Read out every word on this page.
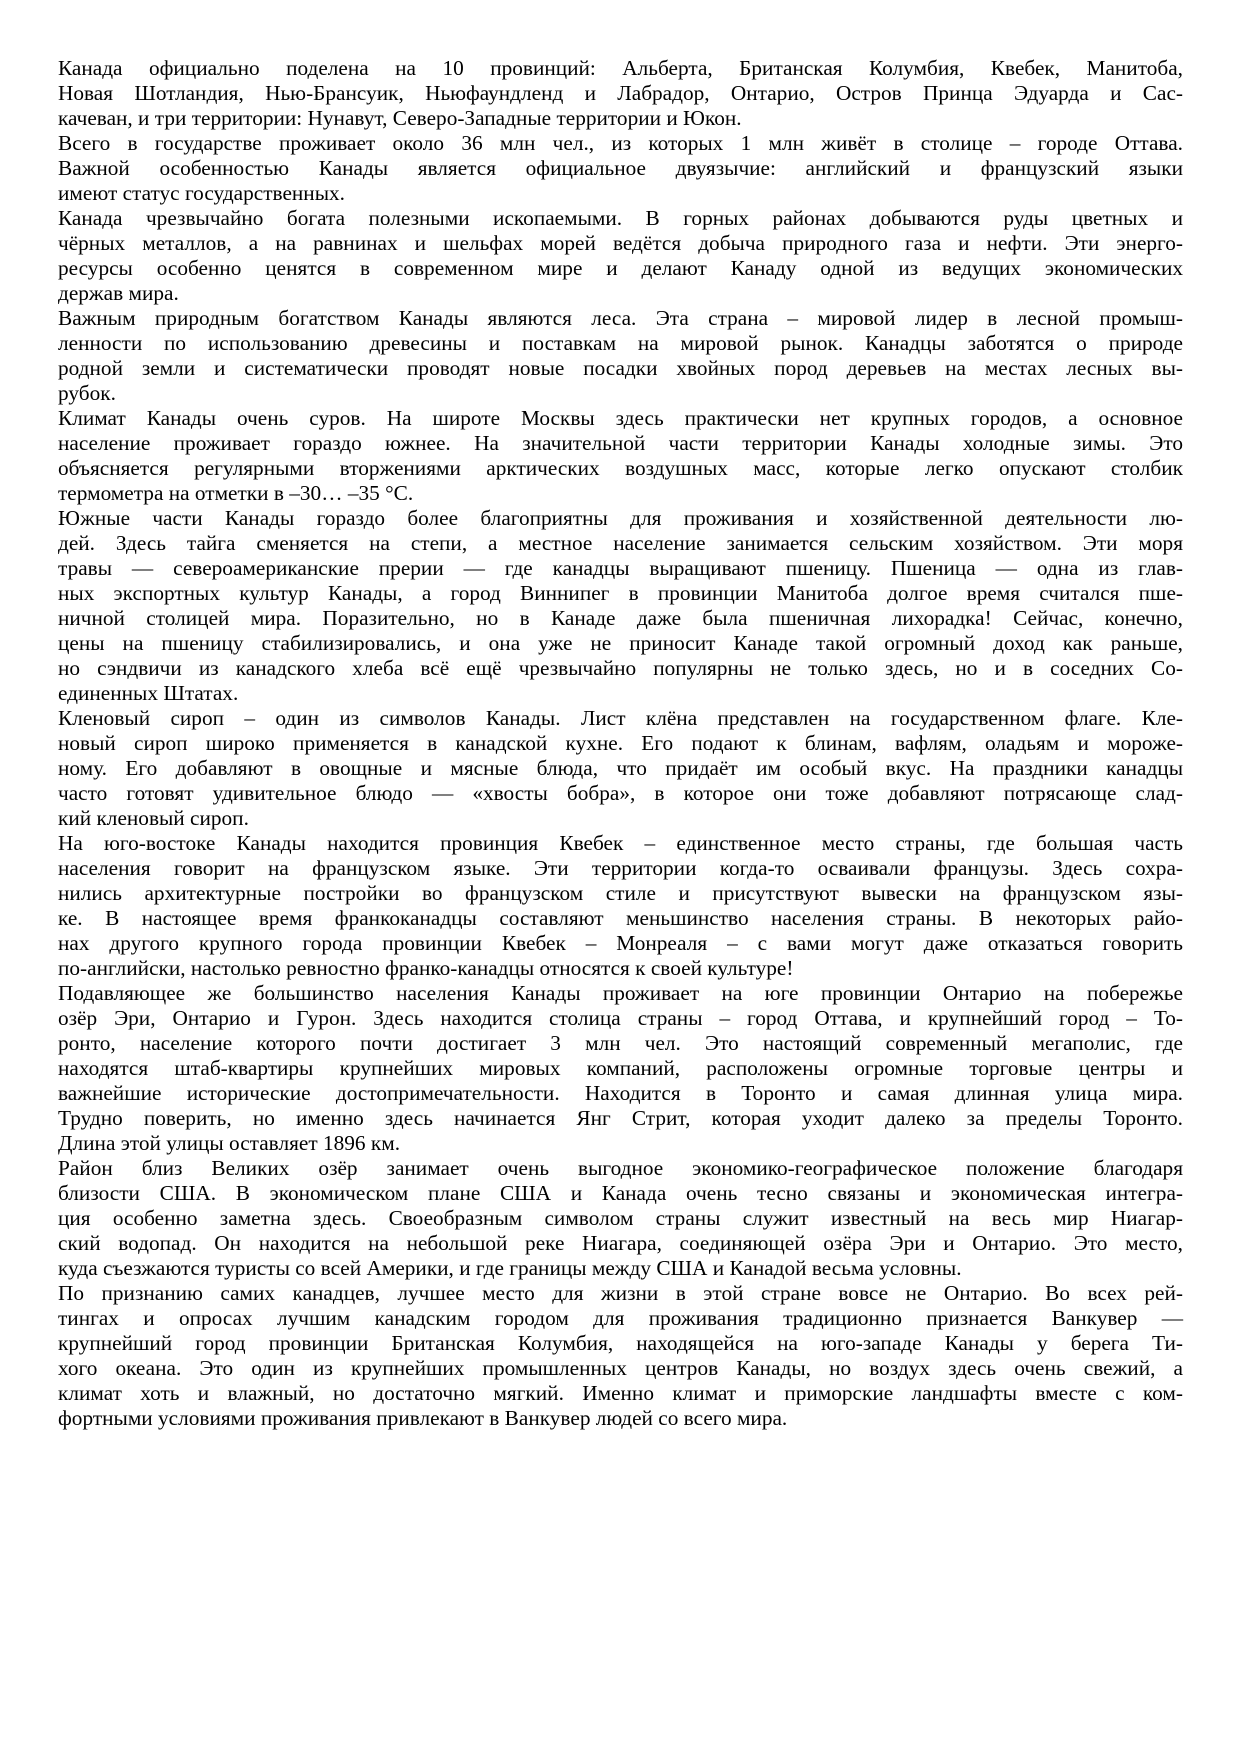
Канада официально поделена на 10 провинций: Альберта, Британская Колумбия, Квебек, Манитоба,
Новая Шотландия, Нью-Брансуик, Ньюфаундленд и Лабрадор, Онтарио, Остров Принца Эдуарда и Сас-
качеван, и три территории: Нунавут, Северо-Западные территории и Юкон.
Всего в государстве проживает около 36 млн чел., из которых 1 млн живёт в столице – городе Оттава.
Важной особенностью Канады является официальное двуязычие: английский и французский языки
имеют статус государственных.
Канада чрезвычайно богата полезными ископаемыми. В горных районах добываются руды цветных и
чёрных металлов, а на равнинах и шельфах морей ведётся добыча природного газа и нефти. Эти энерго-
ресурсы особенно ценятся в современном мире и делают Канаду одной из ведущих экономических
держав мира.
Важным природным богатством Канады являются леса. Эта страна – мировой лидер в лесной промыш-
ленности по использованию древесины и поставкам на мировой рынок. Канадцы заботятся о природе
родной земли и систематически проводят новые посадки хвойных пород деревьев на местах лесных вы-
рубок.
Климат Канады очень суров. На широте Москвы здесь практически нет крупных городов, а основное
население проживает гораздо южнее. На значительной части территории Канады холодные зимы. Это
объясняется регулярными вторжениями арктических воздушных масс, которые легко опускают столбик
термометра на отметки в –30… –35 °С.
Южные части Канады гораздо более благоприятны для проживания и хозяйственной деятельности лю-
дей. Здесь тайга сменяется на степи, а местное население занимается сельским хозяйством. Эти моря
травы — североамериканские прерии — где канадцы выращивают пшеницу. Пшеница — одна из глав-
ных экспортных культур Канады, а город Виннипег в провинции Манитоба долгое время считался пше-
ничной столицей мира. Поразительно, но в Канаде даже была пшеничная лихорадка! Сейчас, конечно,
цены на пшеницу стабилизировались, и она уже не приносит Канаде такой огромный доход как раньше,
но сэндвичи из канадского хлеба всё ещё чрезвычайно популярны не только здесь, но и в соседних Со-
единенных Штатах.
Кленовый сироп – один из символов Канады. Лист клёна представлен на государственном флаге. Кле-
новый сироп широко применяется в канадской кухне. Его подают к блинам, вафлям, оладьям и мороже-
ному. Его добавляют в овощные и мясные блюда, что придаёт им особый вкус. На праздники канадцы
часто готовят удивительное блюдо — «хвосты бобра», в которое они тоже добавляют потрясающе слад-
кий кленовый сироп.
На юго-востоке Канады находится провинция Квебек – единственное место страны, где большая часть
населения говорит на французском языке. Эти территории когда-то осваивали французы. Здесь сохра-
нились архитектурные постройки во французском стиле и присутствуют вывески на французском язы-
ке. В настоящее время франкоканадцы составляют меньшинство населения страны. В некоторых райо-
нах другого крупного города провинции Квебек – Монреаля – с вами могут даже отказаться говорить
по-английски, настолько ревностно франко-канадцы относятся к своей культуре!
Подавляющее же большинство населения Канады проживает на юге провинции Онтарио на побережье
озёр Эри, Онтарио и Гурон. Здесь находится столица страны – город Оттава, и крупнейший город – То-
ронто, население которого почти достигает 3 млн чел. Это настоящий современный мегаполис, где
находятся штаб-квартиры крупнейших мировых компаний, расположены огромные торговые центры и
важнейшие исторические достопримечательности. Находится в Торонто и самая длинная улица мира.
Трудно поверить, но именно здесь начинается Янг Стрит, которая уходит далеко за пределы Торонто.
Длина этой улицы оставляет 1896 км.
Район близ Великих озёр занимает очень выгодное экономико-географическое положение благодаря
близости США. В экономическом плане США и Канада очень тесно связаны и экономическая интегра-
ция особенно заметна здесь. Своеобразным символом страны служит известный на весь мир Ниагар-
ский водопад. Он находится на небольшой реке Ниагара, соединяющей озёра Эри и Онтарио. Это место,
куда съезжаются туристы со всей Америки, и где границы между США и Канадой весьма условны.
По признанию самих канадцев, лучшее место для жизни в этой стране вовсе не Онтарио. Во всех рей-
тингах и опросах лучшим канадским городом для проживания традиционно признается Ванкувер —
крупнейший город провинции Британская Колумбия, находящейся на юго-западе Канады у берега Ти-
хого океана. Это один из крупнейших промышленных центров Канады, но воздух здесь очень свежий, а
климат хоть и влажный, но достаточно мягкий. Именно климат и приморские ландшафты вместе с ком-
фортными условиями проживания привлекают в Ванкувер людей со всего мира.
